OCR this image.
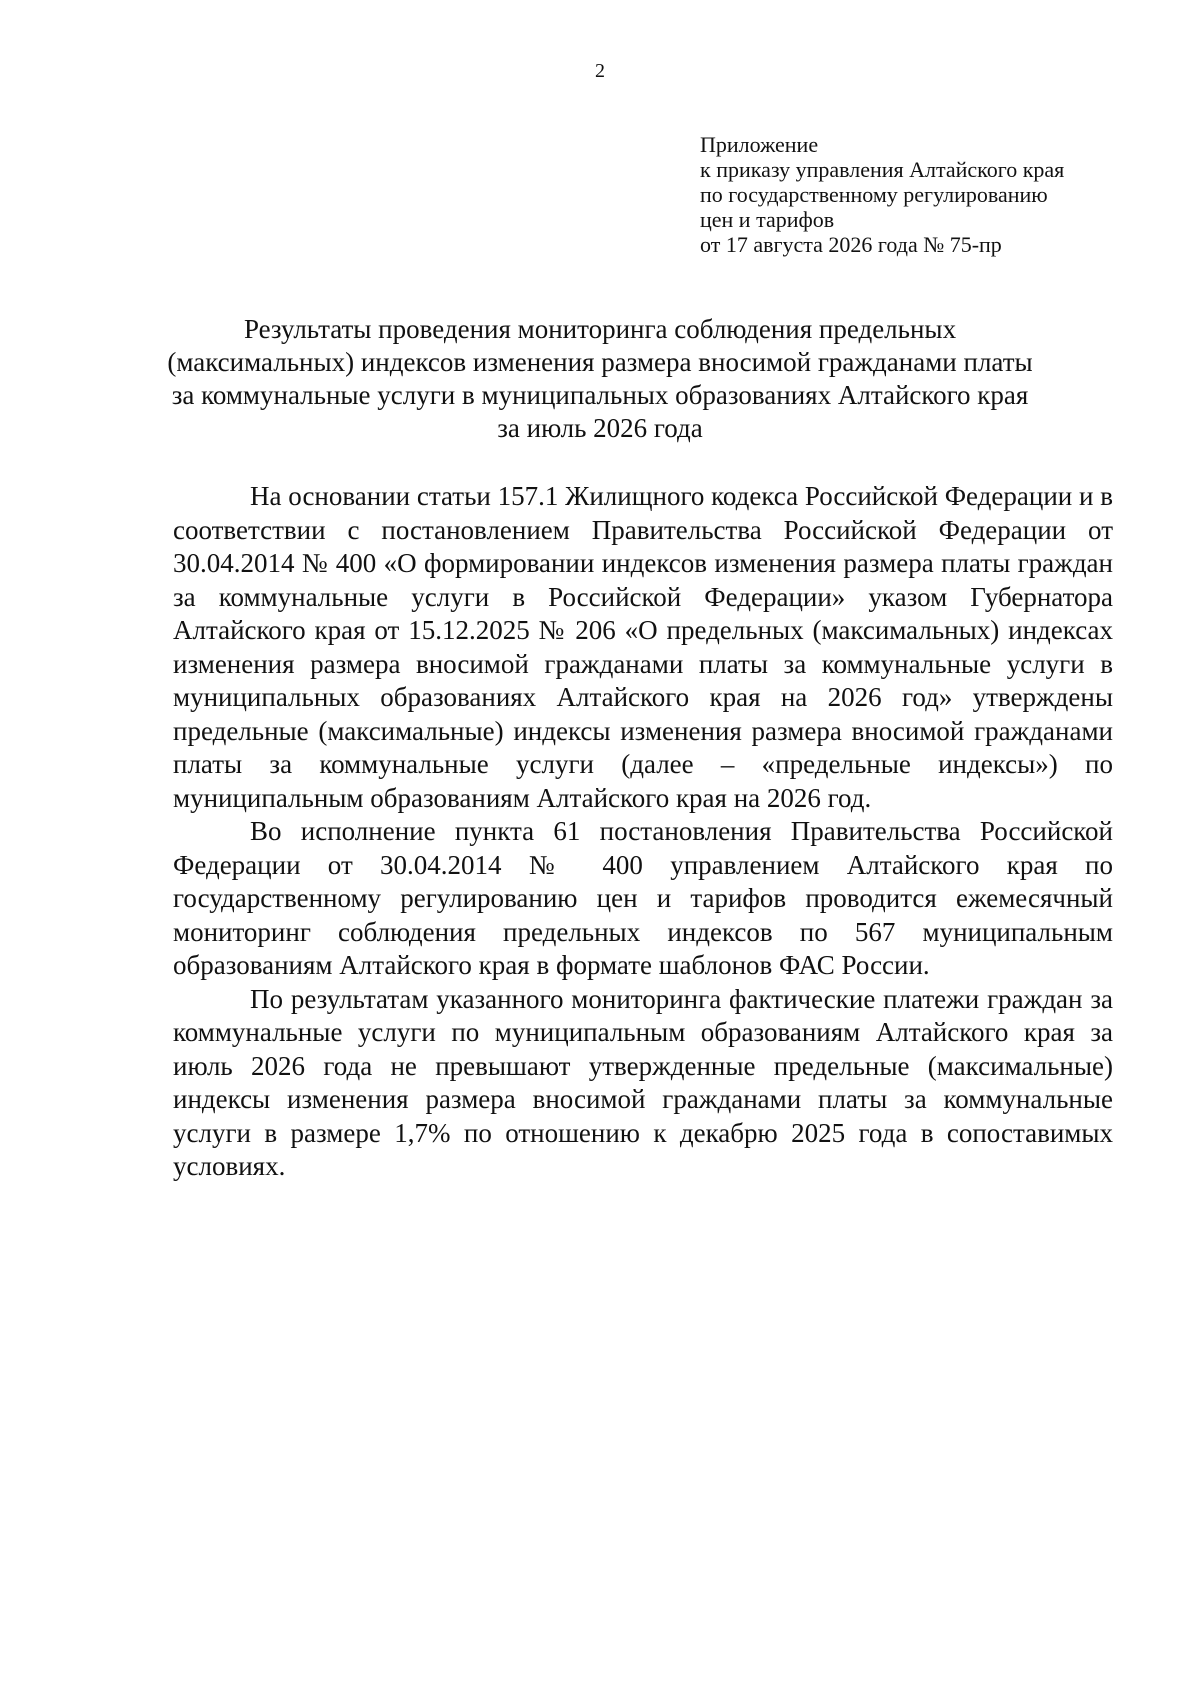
2
Приложение
к приказу управления Алтайского края
по государственному регулированию
цен и тарифов
от 17 августа 2026 года № 75-пр
Результаты проведения мониторинга соблюдения предельных
(максимальных) индексов изменения размера вносимой гражданами платы
за коммунальные услуги в муниципальных образованиях Алтайского края
за июль 2026 года

На основании статьи 157.1 Жилищного кодекса Российской Федерации и в соответствии с постановлением Правительства Российской Федерации от 30.04.2014 № 400 «О формировании индексов изменения размера платы граждан за коммунальные услуги в Российской Федерации» указом Губернатора Алтайского края от 15.12.2025 № 206 «О предельных (максимальных) индексах изменения размера вносимой гражданами платы за коммунальные услуги в муниципальных образованиях Алтайского края на 2026 год» утверждены предельные (максимальные) индексы изменения размера вносимой гражданами платы за коммунальные услуги (далее – «предельные индексы») по муниципальным образованиям Алтайского края на 2026 год.

Во исполнение пункта 61 постановления Правительства Российской Федерации от 30.04.2014 № 400 управлением Алтайского края по государственному регулированию цен и тарифов проводится ежемесячный мониторинг соблюдения предельных индексов по 567 муниципальным образованиям Алтайского края в формате шаблонов ФАС России.

По результатам указанного мониторинга фактические платежи граждан за коммунальные услуги по муниципальным образованиям Алтайского края за июль 2026 года не превышают утвержденные предельные (максимальные) индексы изменения размера вносимой гражданами платы за коммунальные услуги в размере 1,7% по отношению к декабрю 2025 года в сопоставимых условиях.
